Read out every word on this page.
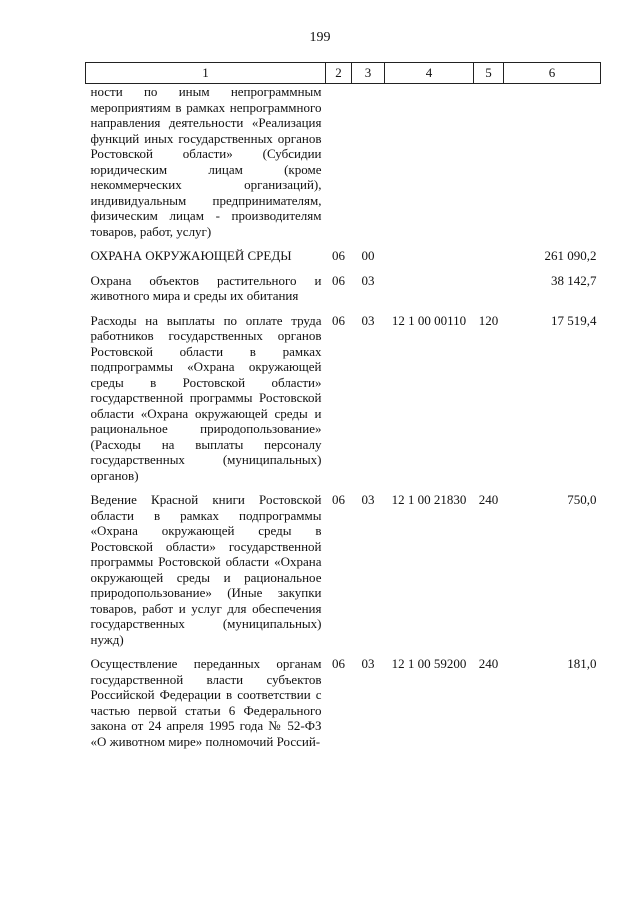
199
1	2	3	4	5	6
ности по иным непрограммным мероприятиям в рамках непрограммного направления деятельности «Реализация функций иных государственных органов Ростовской области» (Субсидии юридическим лицам (кроме некоммерческих организаций), индивидуальным предпринимателям, физическим лицам - производителям товаров, работ, услуг)					
ОХРАНА ОКРУЖАЮЩЕЙ СРЕДЫ	06	00			261 090,2
Охрана объектов растительного и животного мира и среды их обитания	06	03			38 142,7
Расходы на выплаты по оплате труда работников государственных органов Ростовской области в рамках подпрограммы «Охрана окружающей среды в Ростовской области» государственной программы Ростовской области «Охрана окружающей среды и рациональное природопользование» (Расходы на выплаты персоналу государственных (муниципальных) органов)	06	03	12 1 00 00110	120	17 519,4
Ведение Красной книги Ростовской области в рамках подпрограммы «Охрана окружающей среды в Ростовской области» государственной программы Ростовской области «Охрана окружающей среды и рациональное природопользование» (Иные закупки товаров, работ и услуг для обеспечения государственных (муниципальных) нужд)	06	03	12 1 00 21830	240	750,0
Осуществление переданных органам государственной власти субъектов Российской Федерации в соответствии с частью первой статьи 6 Федерального закона от 24 апреля 1995 года № 52-ФЗ «О животном мире» полномочий Россий-	06	03	12 1 00 59200	240	181,0
